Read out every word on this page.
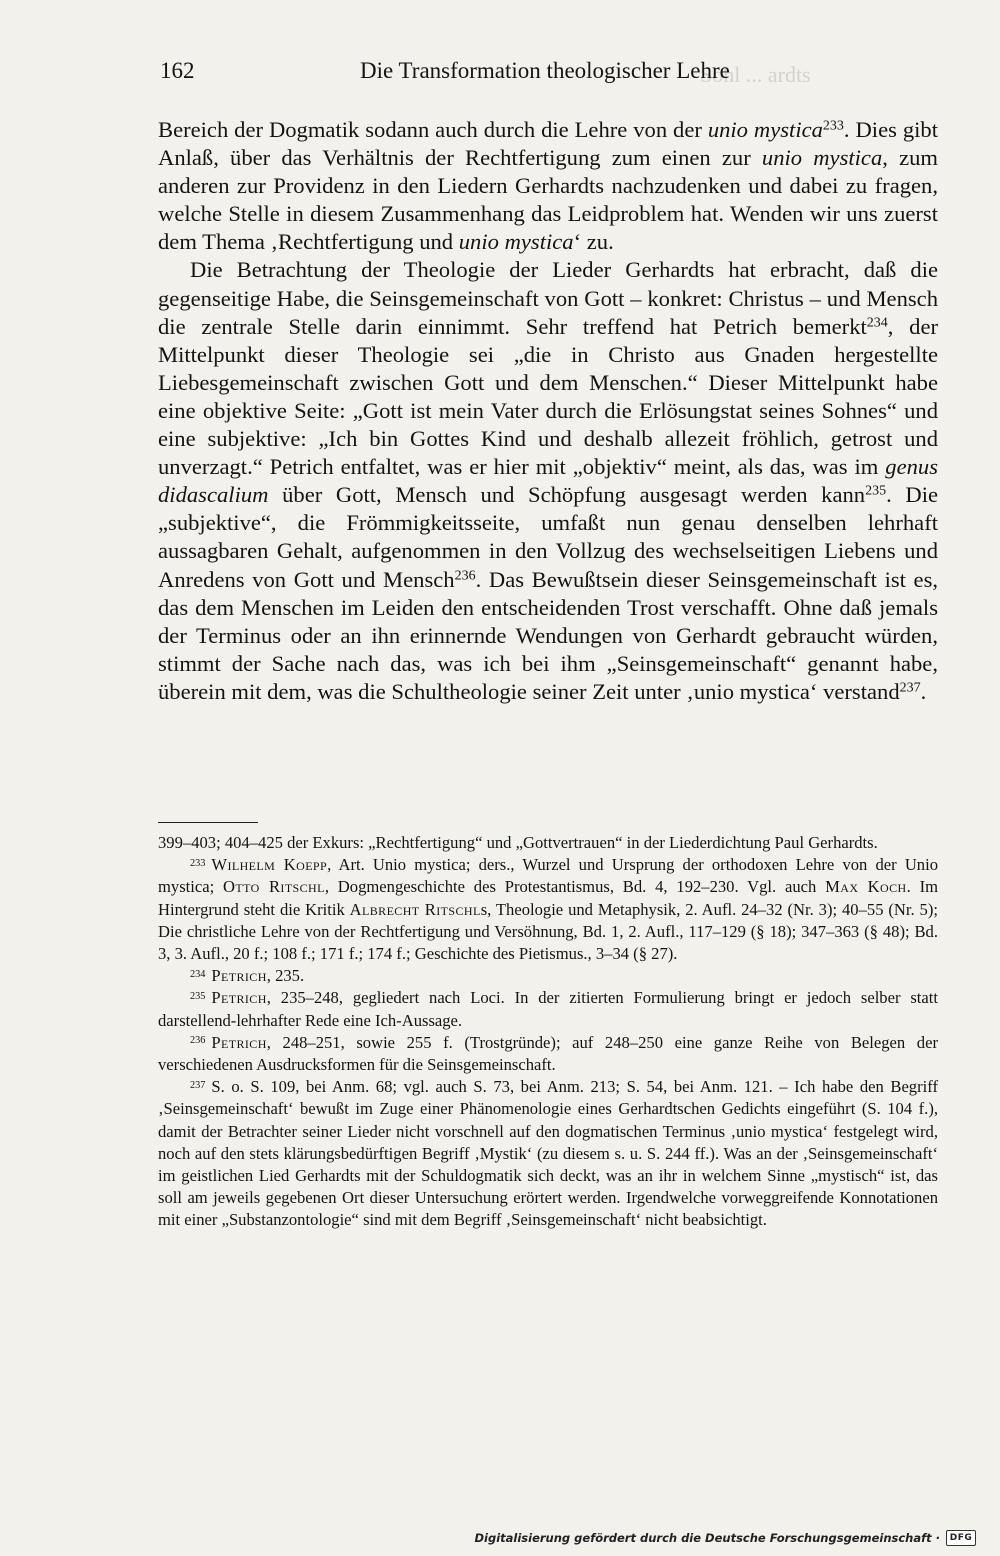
Sohl ... ardts
162	Die Transformation theologischer Lehre

Bereich der Dogmatik sodann auch durch die Lehre von der unio mystica$^{233}$. Dies gibt Anlaß, über das Verhältnis der Rechtfertigung zum einen zur unio mystica, zum anderen zur Providenz in den Liedern Gerhardts nachzudenken und dabei zu fragen, welche Stelle in diesem Zusammenhang das Leidproblem hat. Wenden wir uns zuerst dem Thema ‚Rechtfertigung und unio mystica‘ zu.

Die Betrachtung der Theologie der Lieder Gerhardts hat erbracht, daß die gegenseitige Habe, die Seinsgemeinschaft von Gott – konkret: Christus – und Mensch die zentrale Stelle darin einnimmt. Sehr treffend hat Petrich bemerkt$^{234}$, der Mittelpunkt dieser Theologie sei „die in Christo aus Gnaden hergestellte Liebesgemeinschaft zwischen Gott und dem Menschen.“ Dieser Mittelpunkt habe eine objektive Seite: „Gott ist mein Vater durch die Erlösungstat seines Sohnes“ und eine subjektive: „Ich bin Gottes Kind und deshalb allezeit fröhlich, getrost und unverzagt.“ Petrich entfaltet, was er hier mit „objektiv“ meint, als das, was im genus didascalium über Gott, Mensch und Schöpfung ausgesagt werden kann$^{235}$. Die „subjektive“, die Frömmigkeitsseite, umfaßt nun genau denselben lehrhaft aussagbaren Gehalt, aufgenommen in den Vollzug des wechselseitigen Liebens und Anredens von Gott und Mensch$^{236}$. Das Bewußtsein dieser Seinsgemeinschaft ist es, das dem Menschen im Leiden den entscheidenden Trost verschafft. Ohne daß jemals der Terminus oder an ihn erinnernde Wendungen von Gerhardt gebraucht würden, stimmt der Sache nach das, was ich bei ihm „Seinsgemeinschaft“ genannt habe, überein mit dem, was die Schultheologie seiner Zeit unter ‚unio mystica‘ verstand$^{237}$.

399–403; 404–425 der Exkurs: „Rechtfertigung“ und „Gottvertrauen“ in der Liederdichtung Paul Gerhardts.

$^{233}$ Wilhelm Koepp, Art. Unio mystica; ders., Wurzel und Ursprung der orthodoxen Lehre von der Unio mystica; Otto Ritschl, Dogmengeschichte des Protestantismus, Bd. 4, 192–230. Vgl. auch Max Koch. Im Hintergrund steht die Kritik Albrecht Ritschls, Theologie und Metaphysik, 2. Aufl. 24–32 (Nr. 3); 40–55 (Nr. 5); Die christliche Lehre von der Rechtfertigung und Versöhnung, Bd. 1, 2. Aufl., 117–129 (§ 18); 347–363 (§ 48); Bd. 3, 3. Aufl., 20 f.; 108 f.; 171 f.; 174 f.; Geschichte des Pietismus., 3–34 (§ 27).

$^{234}$ Petrich, 235.

$^{235}$ Petrich, 235–248, gegliedert nach Loci. In der zitierten Formulierung bringt er jedoch selber statt darstellend-lehrhafter Rede eine Ich-Aussage.

$^{236}$ Petrich, 248–251, sowie 255 f. (Trostgründe); auf 248–250 eine ganze Reihe von Belegen der verschiedenen Ausdrucksformen für die Seinsgemeinschaft.

$^{237}$ S. o. S. 109, bei Anm. 68; vgl. auch S. 73, bei Anm. 213; S. 54, bei Anm. 121. – Ich habe den Begriff ‚Seinsgemeinschaft‘ bewußt im Zuge einer Phänomenologie eines Gerhardtschen Gedichts eingeführt (S. 104 f.), damit der Betrachter seiner Lieder nicht vorschnell auf den dogmatischen Terminus ‚unio mystica‘ festgelegt wird, noch auf den stets klärungsbedürftigen Begriff ‚Mystik‘ (zu diesem s. u. S. 244 ff.). Was an der ‚Seinsgemeinschaft‘ im geistlichen Lied Gerhardts mit der Schuldogmatik sich deckt, was an ihr in welchem Sinne „mystisch“ ist, das soll am jeweils gegebenen Ort dieser Untersuchung erörtert werden. Irgendwelche vorweggreifende Konnotationen mit einer „Substanzontologie“ sind mit dem Begriff ‚Seinsgemeinschaft‘ nicht beabsichtigt.

Digitalisierung gefördert durch die Deutsche Forschungsgemeinschaft ·	DFG
